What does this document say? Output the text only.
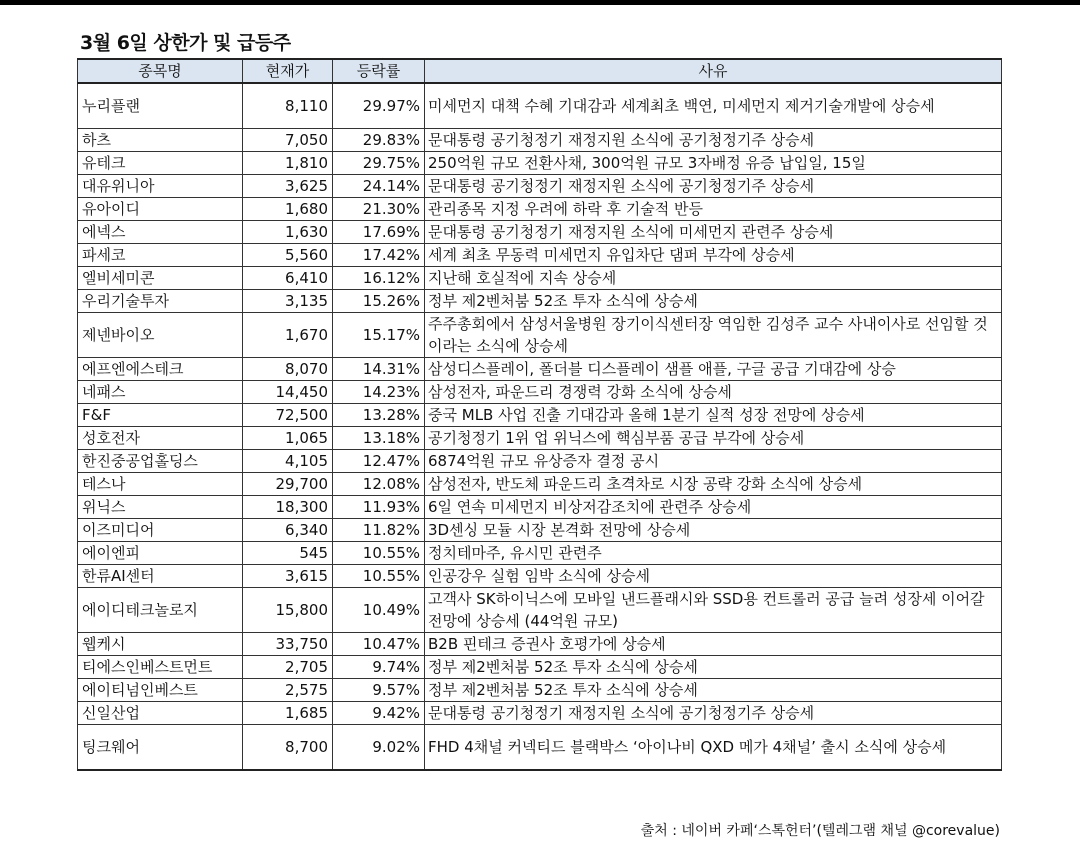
3월 6일 상한가 및 급등주
종목명	현재가	등락률	사유
누리플랜	8,110	29.97%	미세먼지 대책 수혜 기대감과 세계최초 백연, 미세먼지 제거기술개발에 상승세
하츠	7,050	29.83%	문대통령 공기청정기 재정지원 소식에 공기청정기주 상승세
유테크	1,810	29.75%	250억원 규모 전환사채, 300억원 규모 3자배정 유증 납입일, 15일
대유위니아	3,625	24.14%	문대통령 공기청정기 재정지원 소식에 공기청정기주 상승세
유아이디	1,680	21.30%	관리종목 지정 우려에 하락 후 기술적 반등
에넥스	1,630	17.69%	문대통령 공기청정기 재정지원 소식에 미세먼지 관련주 상승세
파세코	5,560	17.42%	세계 최초 무동력 미세먼지 유입차단 댐퍼 부각에 상승세
엘비세미콘	6,410	16.12%	지난해 호실적에 지속 상승세
우리기술투자	3,135	15.26%	정부 제2벤처붐 52조 투자 소식에 상승세
제넨바이오	1,670	15.17%	주주총회에서 삼성서울병원 장기이식센터장 역임한 김성주 교수 사내이사로 선임할 것이라는 소식에 상승세
에프엔에스테크	8,070	14.31%	삼성디스플레이, 폴더블 디스플레이 샘플 애플, 구글 공급 기대감에 상승
네패스	14,450	14.23%	삼성전자, 파운드리 경쟁력 강화 소식에 상승세
F&F	72,500	13.28%	중국 MLB 사업 진출 기대감과 올해 1분기 실적 성장 전망에 상승세
성호전자	1,065	13.18%	공기청정기 1위 업 위닉스에 핵심부품 공급 부각에 상승세
한진중공업홀딩스	4,105	12.47%	6874억원 규모 유상증자 결정 공시
테스나	29,700	12.08%	삼성전자, 반도체 파운드리 초격차로 시장 공략 강화 소식에 상승세
위닉스	18,300	11.93%	6일 연속 미세먼지 비상저감조치에 관련주 상승세
이즈미디어	6,340	11.82%	3D센싱 모듈 시장 본격화 전망에 상승세
에이엔피	545	10.55%	정치테마주, 유시민 관련주
한류AI센터	3,615	10.55%	인공강우 실험 임박 소식에 상승세
에이디테크놀로지	15,800	10.49%	고객사 SK하이닉스에 모바일 낸드플래시와 SSD용 컨트롤러 공급 늘려 성장세 이어갈 전망에 상승세 (44억원 규모)
웹케시	33,750	10.47%	B2B 핀테크 증권사 호평가에 상승세
티에스인베스트먼트	2,705	9.74%	정부 제2벤처붐 52조 투자 소식에 상승세
에이티넘인베스트	2,575	9.57%	정부 제2벤처붐 52조 투자 소식에 상승세
신일산업	1,685	9.42%	문대통령 공기청정기 재정지원 소식에 공기청정기주 상승세
팅크웨어	8,700	9.02%	FHD 4채널 커넥티드 블랙박스 ‘아이나비 QXD 메가 4채널’ 출시 소식에 상승세
출처 : 네이버 카페‘스톡헌터’(텔레그램 채널 @corevalue)
